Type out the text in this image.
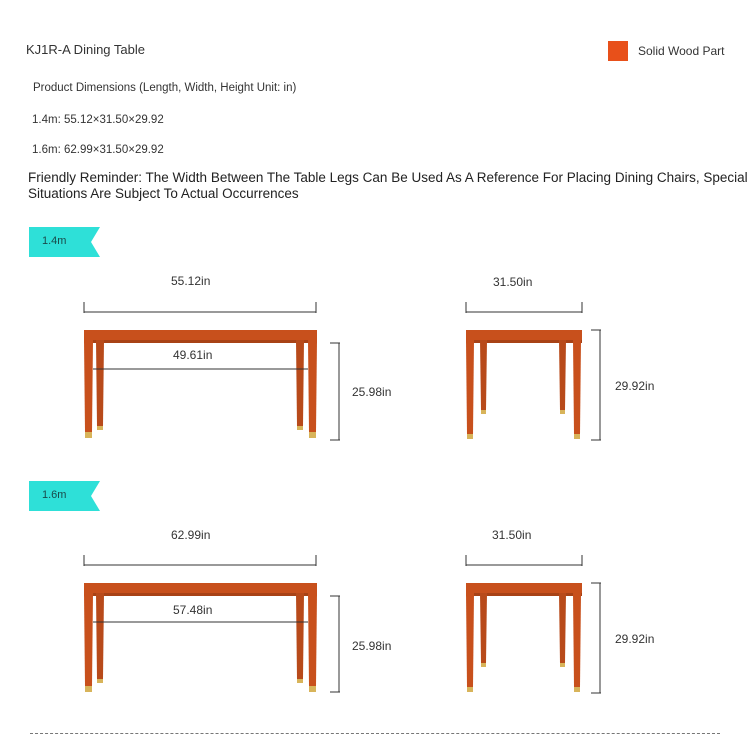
KJ1R-A Dining Table	Solid Wood Part
Product Dimensions (Length, Width, Height Unit: in)
1.4m: 55.12×31.50×29.92
1.6m: 62.99×31.50×29.92
Friendly Reminder: The Width Between The Table Legs Can Be Used As A Reference For Placing Dining Chairs, Special Situations Are Subject To Actual Occurrences
1.4m
1.6m
55.12in
49.61in
25.98in
31.50in
29.92in
62.99in
57.48in
25.98in
31.50in
29.92in
